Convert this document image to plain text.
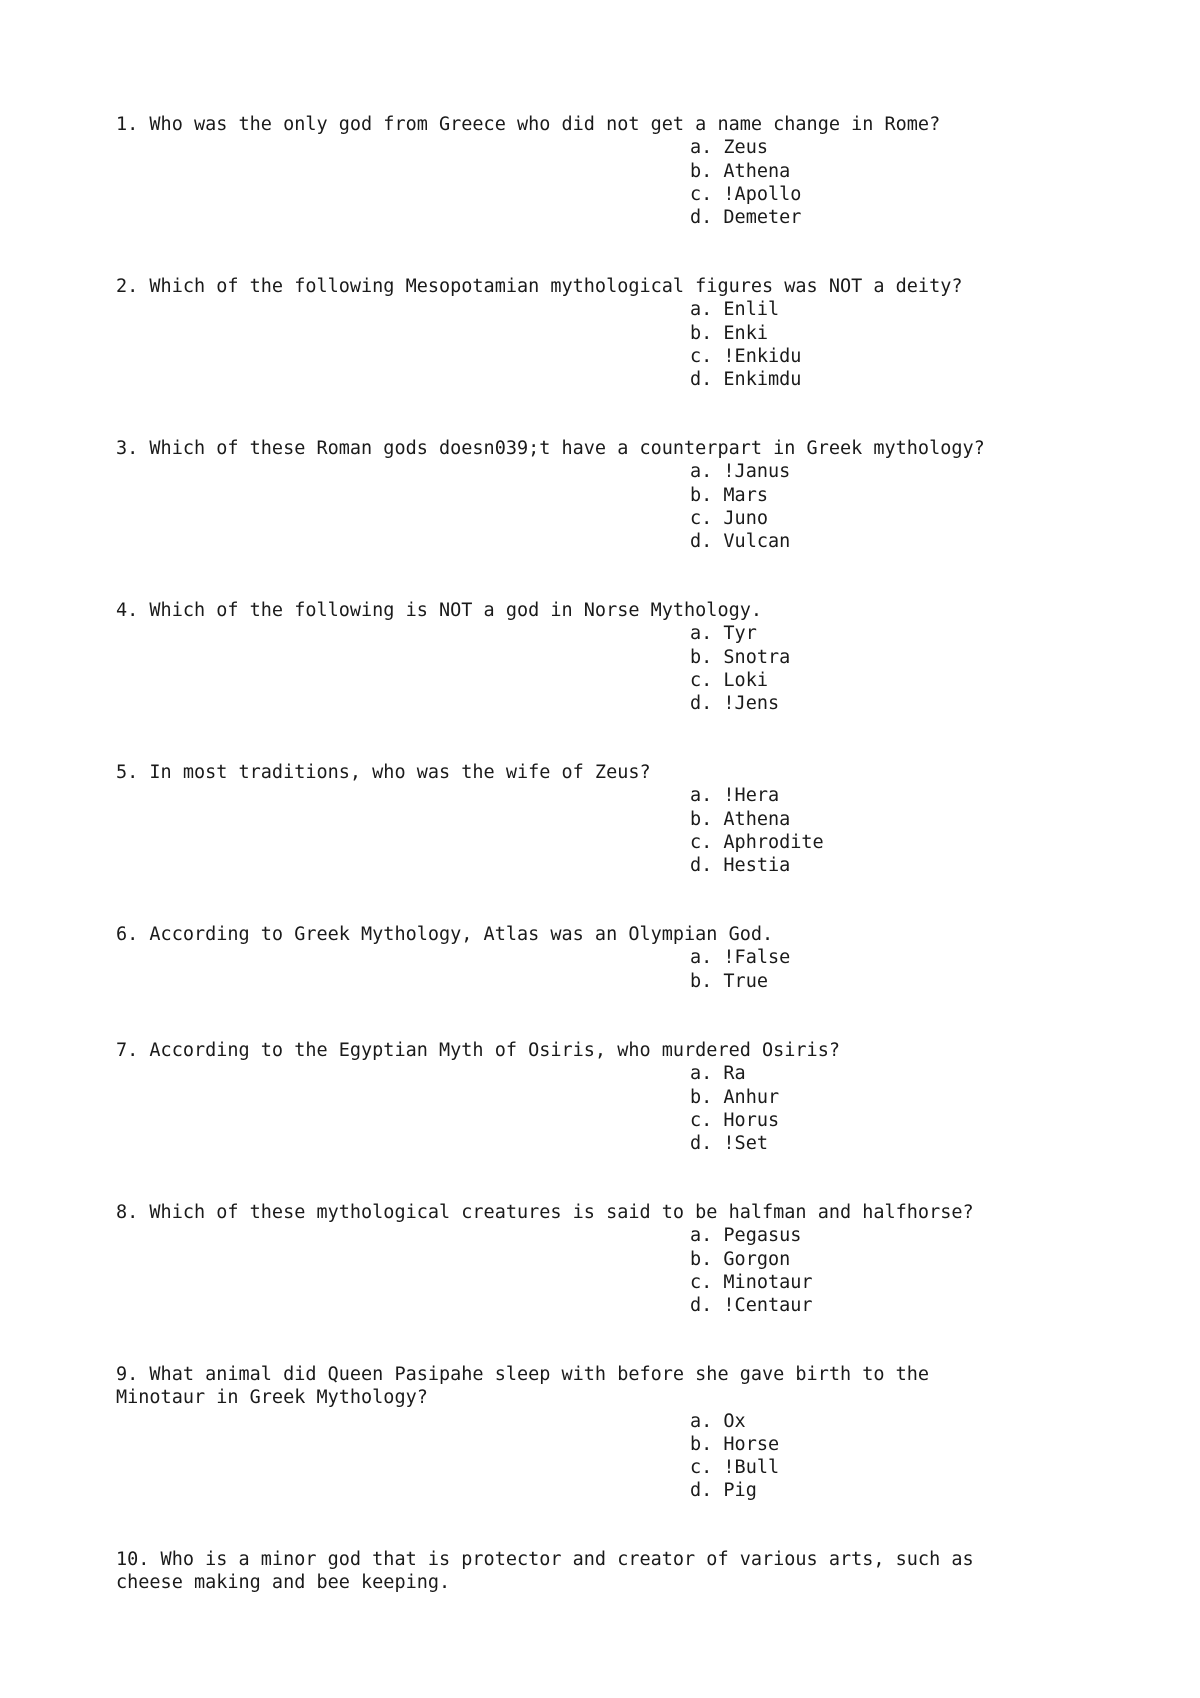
1. Who was the only god from Greece who did not get a name change in Rome?

a. Zeus
b. Athena
c. !Apollo
d. Demeter

2. Which of the following Mesopotamian mythological figures was NOT a deity?

a. Enlil
b. Enki
c. !Enkidu
d. Enkimdu

3. Which of these Roman gods doesn039;t have a counterpart in Greek mythology?

a. !Janus
b. Mars
c. Juno
d. Vulcan

4. Which of the following is NOT a god in Norse Mythology.

a. Tyr
b. Snotra
c. Loki
d. !Jens

5. In most traditions, who was the wife of Zeus?

a. !Hera
b. Athena
c. Aphrodite
d. Hestia

6. According to Greek Mythology, Atlas was an Olympian God.

a. !False
b. True

7. According to the Egyptian Myth of Osiris, who murdered Osiris?

a. Ra
b. Anhur
c. Horus
d. !Set

8. Which of these mythological creatures is said to be halfman and halfhorse?

a. Pegasus
b. Gorgon
c. Minotaur
d. !Centaur

9. What animal did Queen Pasipahe sleep with before she gave birth to the
Minotaur in Greek Mythology?

a. Ox
b. Horse
c. !Bull
d. Pig

10. Who is a minor god that is protector and creator of various arts, such as
cheese making and bee keeping.
